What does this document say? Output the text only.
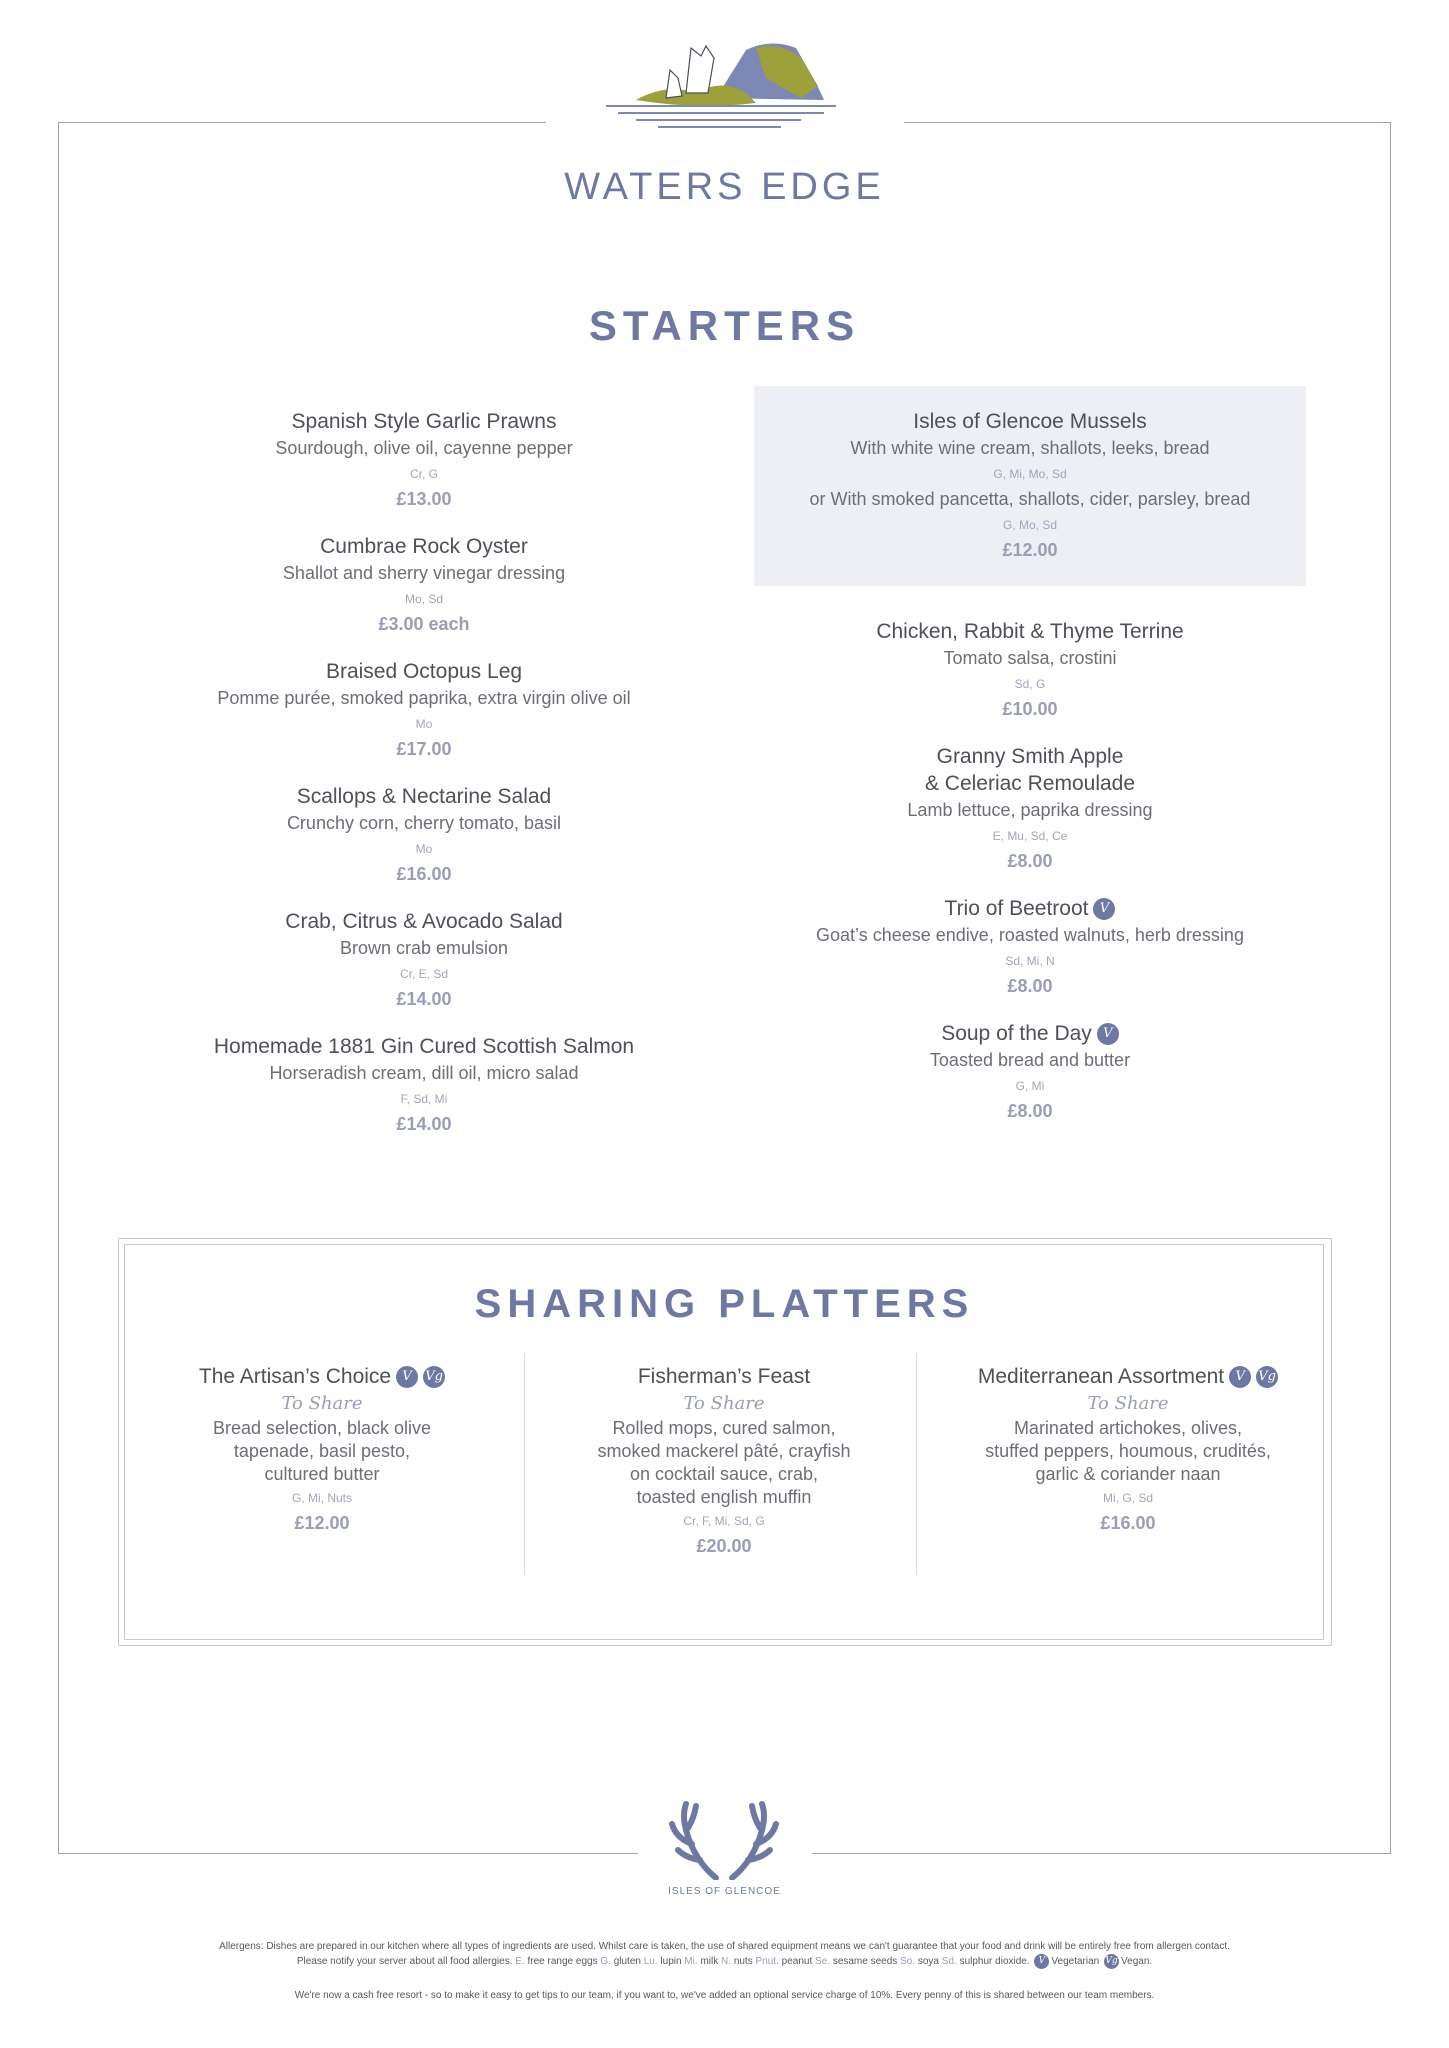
WATERS EDGE
STARTERS
Spanish Style Garlic Prawns
Sourdough, olive oil, cayenne pepper
Cr, G
£13.00
Cumbrae Rock Oyster
Shallot and sherry vinegar dressing
Mo, Sd
£3.00 each
Braised Octopus Leg
Pomme purée, smoked paprika, extra virgin olive oil
Mo
£17.00
Scallops & Nectarine Salad
Crunchy corn, cherry tomato, basil
Mo
£16.00
Crab, Citrus & Avocado Salad
Brown crab emulsion
Cr, E, Sd
£14.00
Homemade 1881 Gin Cured Scottish Salmon
Horseradish cream, dill oil, micro salad
F, Sd, Mi
£14.00
Isles of Glencoe Mussels
With white wine cream, shallots, leeks, bread
G, Mi, Mo, Sd
or With smoked pancetta, shallots, cider, parsley, bread
G, Mo, Sd
£12.00
Chicken, Rabbit & Thyme Terrine
Tomato salsa, crostini
Sd, G
£10.00
Granny Smith Apple
& Celeriac Remoulade
Lamb lettuce, paprika dressing
E, Mu, Sd, Ce
£8.00
Trio of Beetroot V
Goat’s cheese endive, roasted walnuts, herb dressing
Sd, Mi, N
£8.00
Soup of the Day V
Toasted bread and butter
G, Mi
£8.00
SHARING PLATTERS
The Artisan’s Choice V Vg
To Share
Bread selection, black olive
tapenade, basil pesto,
cultured butter
G, Mi, Nuts
£12.00
Fisherman’s Feast
To Share
Rolled mops, cured salmon,
smoked mackerel pâté, crayfish
on cocktail sauce, crab,
toasted english muffin
Cr, F, Mi, Sd, G
£20.00
Mediterranean Assortment V Vg
To Share
Marinated artichokes, olives,
stuffed peppers, houmous, crudités,
garlic & coriander naan
Mi, G, Sd
£16.00
ISLES OF GLENCOE
Allergens: Dishes are prepared in our kitchen where all types of ingredients are used. Whilst care is taken, the use of shared equipment means we can't guarantee that your food and drink will be entirely free from allergen contact.
Please notify your server about all food allergies. E. free range eggs G. gluten Lu. lupin Mi. milk N. nuts Pnut. peanut Se. sesame seeds So. soya Sd. sulphur dioxide. V Vegetarian Vg Vegan.
We're now a cash free resort - so to make it easy to get tips to our team, if you want to, we've added an optional service charge of 10%. Every penny of this is shared between our team members.
